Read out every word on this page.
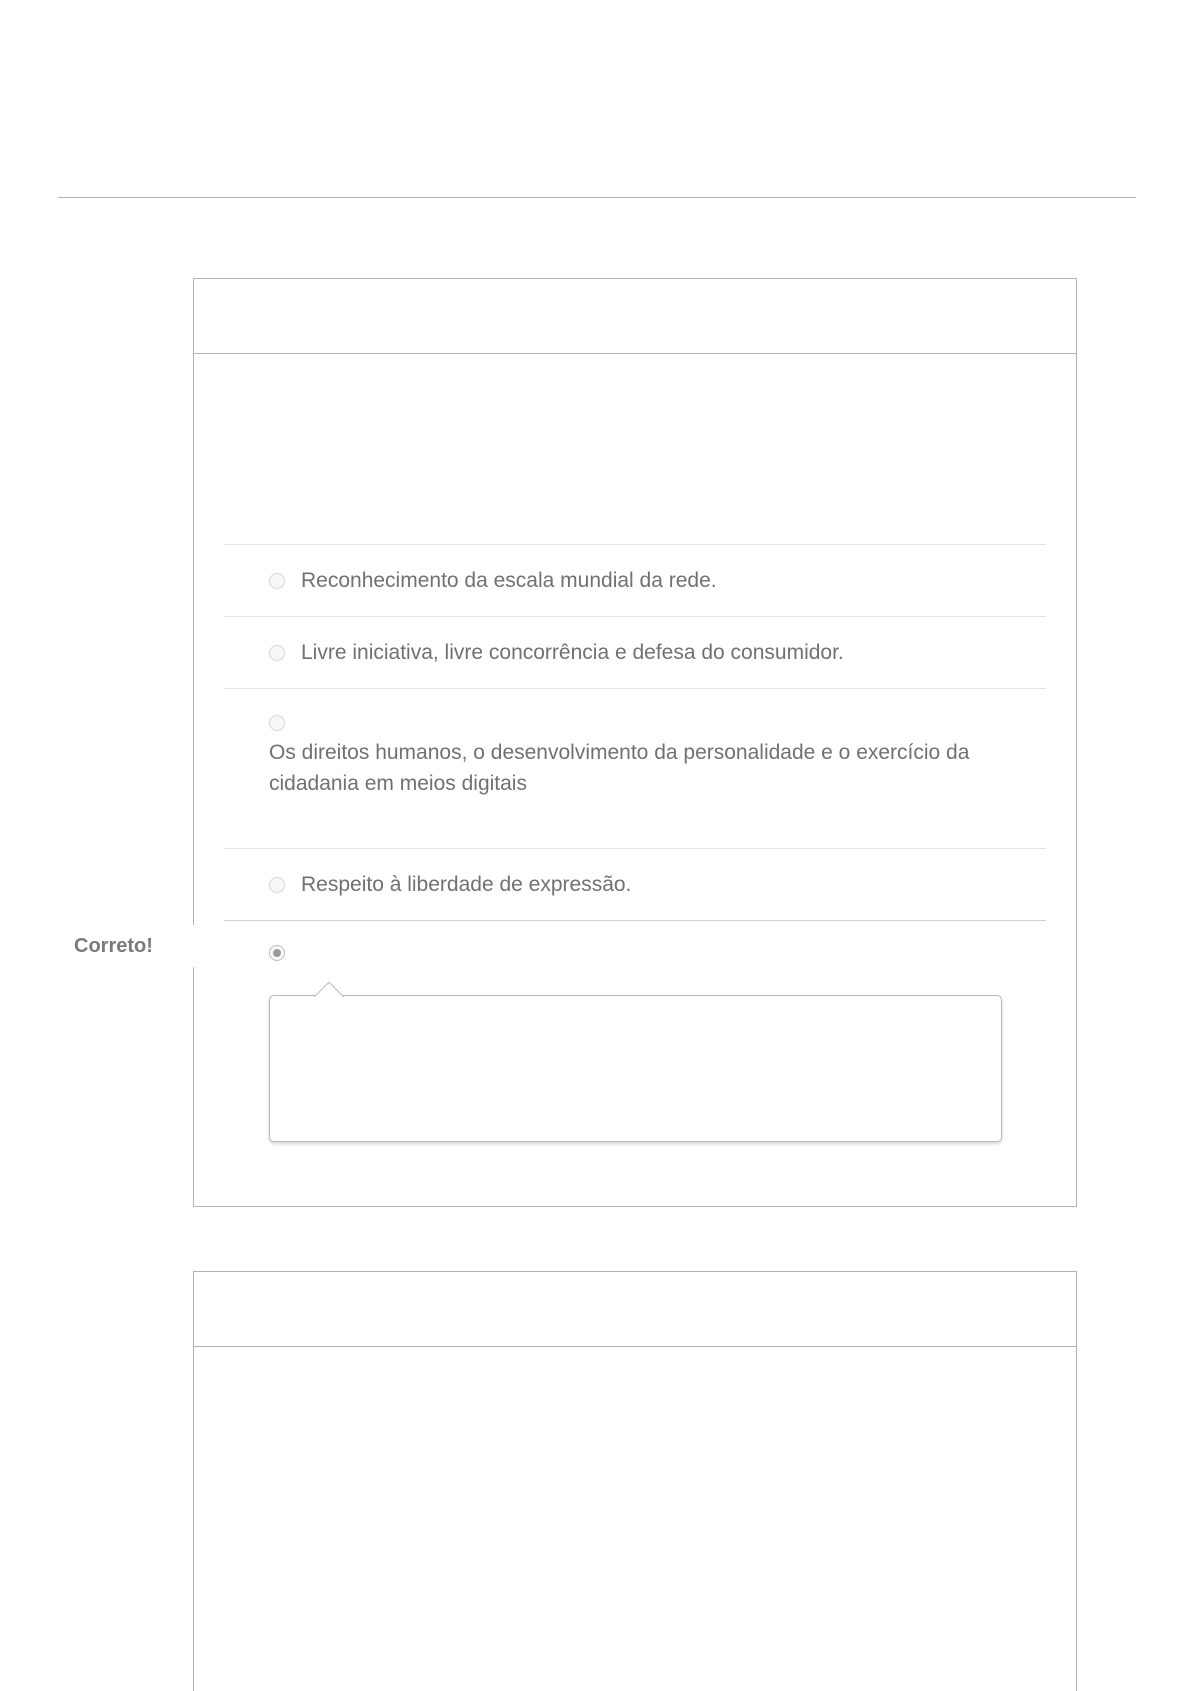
Correto!
Reconhecimento da escala mundial da rede.
Livre iniciativa, livre concorrência e defesa do consumidor.
Os direitos humanos, o desenvolvimento da personalidade e o exercício da cidadania em meios digitais
Respeito à liberdade de expressão.
